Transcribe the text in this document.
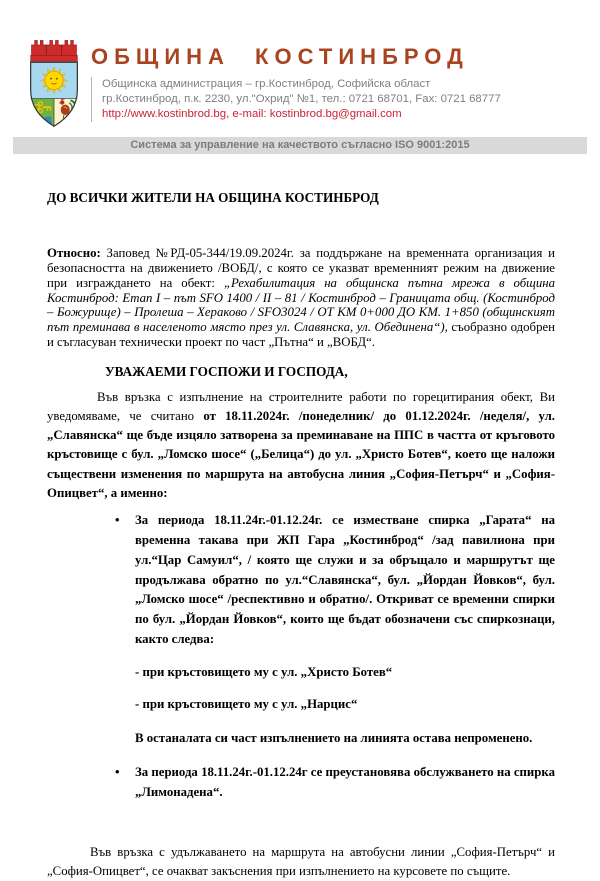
ОБЩИНА КОСТИНБРОД
Общинска администрация – гр.Костинброд, Софийска област
гр.Костинброд, п.к. 2230, ул."Охрид" №1, тел.: 0721 68701, Fax: 0721 68777
http://www.kostinbrod.bg, e-mail: kostinbrod.bg@gmail.com
Система за управление на качеството съгласно ISO 9001:2015

ДО ВСИЧКИ ЖИТЕЛИ НА ОБЩИНА КОСТИНБРОД

Относно: Заповед №РД-05-344/19.09.2024г. за поддържане на временната организация и безопасността на движението /ВОБД/, с която се указват временният режим на движение при изграждането на обект: „Рехабилитация на общинска пътна мрежа в община Костинброд: Етап I – път SFO 1400 / II – 81 / Костинброд – Границата общ. (Костинброд – Божурище) – Пролеша – Хераково / SFO3024 / ОТ КМ 0+000 ДО КМ. 1+850 (общинският път преминава в населеното място през ул. Славянска, ул. Обединена“), съобразно одобрен и съгласуван технически проект по част „Пътна“ и „ВОБД“.

УВАЖАЕМИ ГОСПОЖИ И ГОСПОДА,

Във връзка с изпълнение на строителните работи по горецитирания обект, Ви уведомяваме, че считано от 18.11.2024г. /понеделник/ до 01.12.2024г. /неделя/, ул. „Славянска“ ще бъде изцяло затворена за преминаване на ППС в частта от кръговото кръстовище с бул. „Ломско шосе“ („Белица“) до ул. „Христо Ботев“, което ще наложи съществени изменения по маршрута на автобусна линия „София-Петърч“ и „София-Опицвет“, а именно:

• За периода 18.11.24г.-01.12.24г. се изместване спирка „Гарата“ на временна такава при ЖП Гара „Костинброд“ /зад павилиона при ул.“Цар Самуил“, / която ще служи и за обръщало и маршрутът ще продължава обратно по ул.“Славянска“, бул. „Йордан Йовков“, бул. „Ломско шосе“ /респективно и обратно/. Откриват се временни спирки по бул. „Йордан Йовков“, които ще бъдат обозначени със спиркознаци, както следва:

- при кръстовището му с ул. „Христо Ботев“

- при кръстовището му с ул. „Нарцис“

В останалата си част изпълнението на линията остава непроменено.

• За периода 18.11.24г.-01.12.24г се преустановява обслужването на спирка „Лимонадена“.

Във връзка с удължаването на маршрута на автобусни линии „София-Петърч“ и „София-Опицвет“, се очакват закъснения при изпълнението на курсовете по същите.
